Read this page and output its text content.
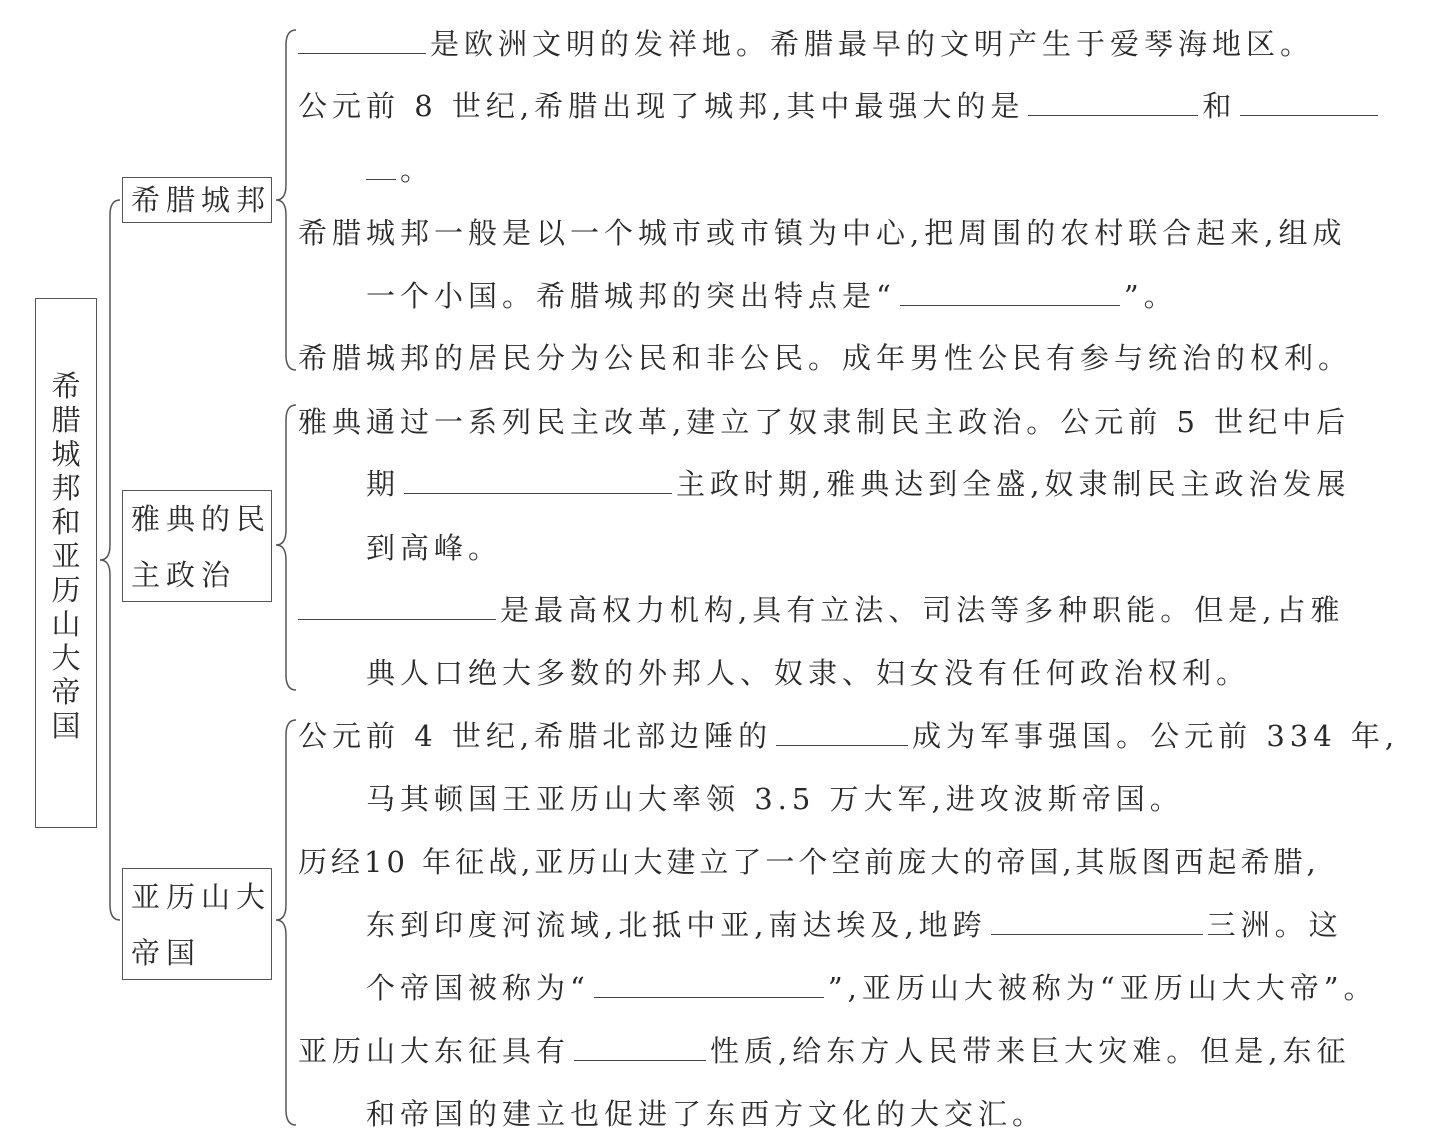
希腊城邦和亚历山大帝国
希腊城邦
雅典的民
主政治
亚历山大
帝国
是欧洲文明的发祥地。希腊最早的文明产生于爱琴海地区。
公元前 8 世纪,希腊出现了城邦,其中最强大的是	和
。
希腊城邦一般是以一个城市或市镇为中心,把周围的农村联合起来,组成
一个小国。希腊城邦的突出特点是“	”。
希腊城邦的居民分为公民和非公民。成年男性公民有参与统治的权利。
雅典通过一系列民主改革,建立了奴隶制民主政治。公元前 5 世纪中后
期	主政时期,雅典达到全盛,奴隶制民主政治发展
到高峰。
是最高权力机构,具有立法、司法等多种职能。但是,占雅
典人口绝大多数的外邦人、奴隶、妇女没有任何政治权利。
公元前 4 世纪,希腊北部边陲的	成为军事强国。公元前 334 年,
马其顿国王亚历山大率领 3.5 万大军,进攻波斯帝国。
历经10 年征战,亚历山大建立了一个空前庞大的帝国,其版图西起希腊,
东到印度河流域,北抵中亚,南达埃及,地跨	三洲。这
个帝国被称为“	”,亚历山大被称为“亚历山大大帝”。
亚历山大东征具有	性质,给东方人民带来巨大灾难。但是,东征
和帝国的建立也促进了东西方文化的大交汇。
